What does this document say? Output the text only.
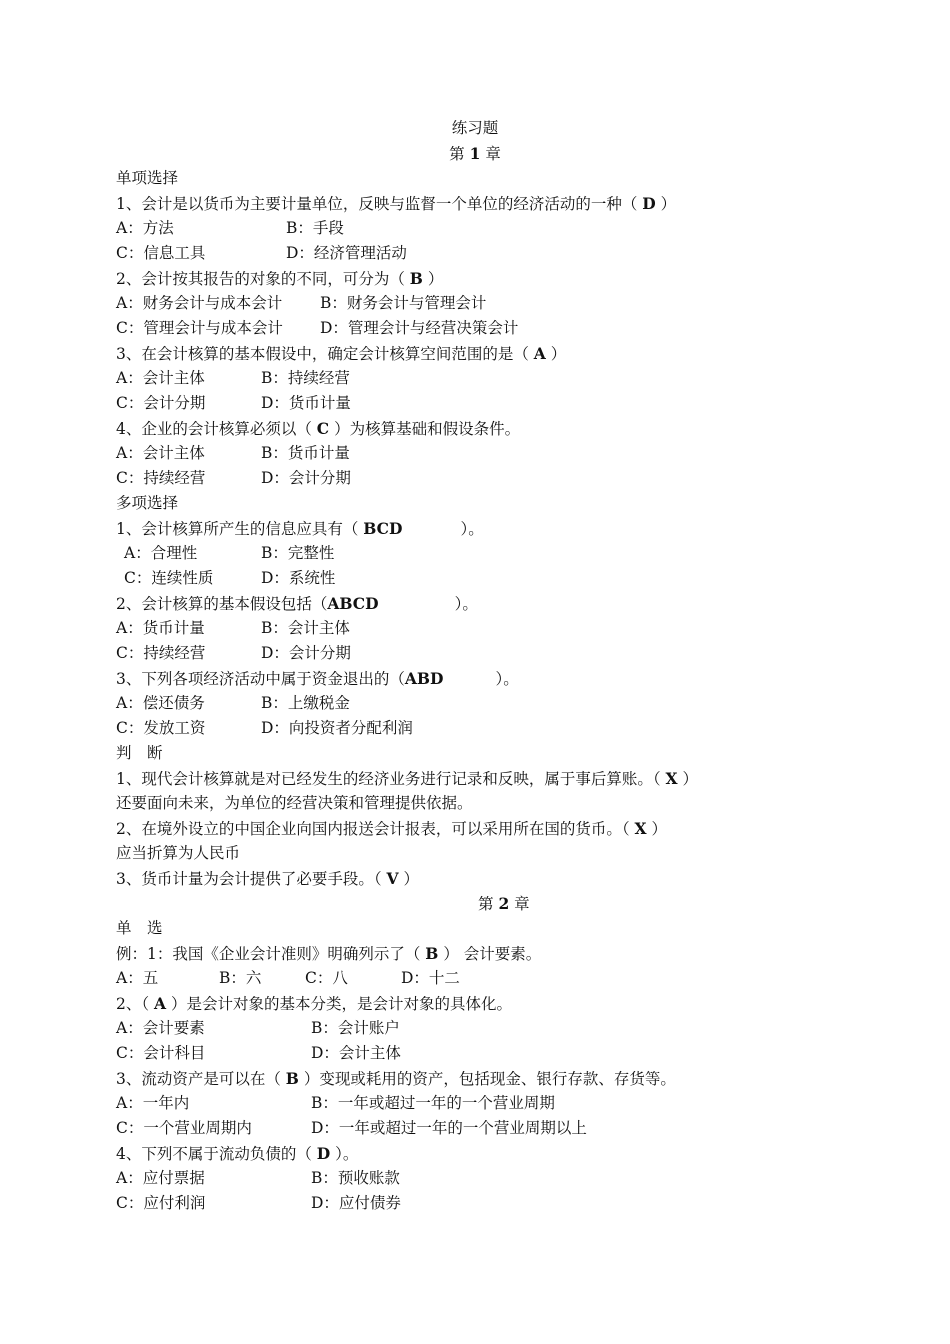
练习题
第 1 章
单项选择
1、会计是以货币为主要计量单位，反映与监督一个单位的经济活动的一种（ D ）
A：方法	B：手段
C：信息工具	D：经济管理活动
2、会计按其报告的对象的不同，可分为（ B ）
A：财务会计与成本会计 B：财务会计与管理会计
C：管理会计与成本会计 D：管理会计与经营决策会计
3、在会计核算的基本假设中，确定会计核算空间范围的是（ A ）
A：会计主体	B：持续经营
C：会计分期	D：货币计量
4、企业的会计核算必须以（ C ）为核算基础和假设条件。
A：会计主体	B：货币计量
C：持续经营	D：会计分期
多项选择
1、会计核算所产生的信息应具有（ BCD	）。
A：合理性	B：完整性
C：连续性质	D：系统性
2、会计核算的基本假设包括（ABCD	）。
A：货币计量	B：会计主体
C：持续经营	D：会计分期
3、下列各项经济活动中属于资金退出的（ABD	）。
A：偿还债务	B：上缴税金
C：发放工资	D：向投资者分配利润
判　断
1、现代会计核算就是对已经发生的经济业务进行记录和反映，属于事后算账。（ X ）
还要面向未来，为单位的经营决策和管理提供依据。
2、在境外设立的中国企业向国内报送会计报表，可以采用所在国的货币。（ X ）
应当折算为人民币
3、货币计量为会计提供了必要手段。（ V ）
第 2 章
单　选
例：1：我国《企业会计准则》明确列示了（ B ） 会计要素。
A：五	B：六	C：八	D：十二
2、（ A ）是会计对象的基本分类，是会计对象的具体化。
A：会计要素	B：会计账户
C：会计科目	D：会计主体
3、流动资产是可以在（ B ）变现或耗用的资产，包括现金、银行存款、存货等。
A：一年内	B：一年或超过一年的一个营业周期
C：一个营业周期内	D：一年或超过一年的一个营业周期以上
4、下列不属于流动负债的（ D ）。
A：应付票据	B：预收账款
C：应付利润	D：应付债券
